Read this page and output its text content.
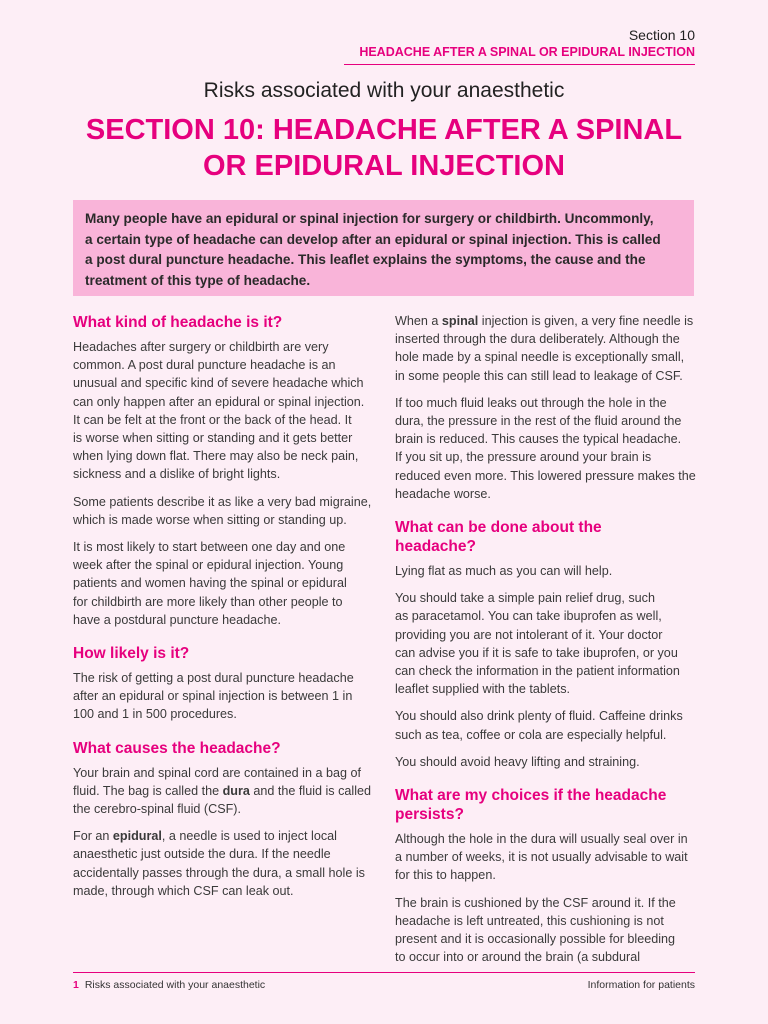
Section 10
HEADACHE AFTER A SPINAL OR EPIDURAL INJECTION
Risks associated with your anaesthetic
SECTION 10: HEADACHE AFTER A SPINAL
OR EPIDURAL INJECTION
Many people have an epidural or spinal injection for surgery or childbirth. Uncommonly,
a certain type of headache can develop after an epidural or spinal injection. This is called
a post dural puncture headache. This leaflet explains the symptoms, the cause and the
treatment of this type of headache.
What kind of headache is it?

Headaches after surgery or childbirth are very
common. A post dural puncture headache is an
unusual and specific kind of severe headache which
can only happen after an epidural or spinal injection.
It can be felt at the front or the back of the head. It
is worse when sitting or standing and it gets better
when lying down flat. There may also be neck pain,
sickness and a dislike of bright lights.

Some patients describe it as like a very bad migraine,
which is made worse when sitting or standing up.

It is most likely to start between one day and one
week after the spinal or epidural injection. Young
patients and women having the spinal or epidural
for childbirth are more likely than other people to
have a postdural puncture headache.

How likely is it?

The risk of getting a post dural puncture headache
after an epidural or spinal injection is between 1 in
100 and 1 in 500 procedures.

What causes the headache?

Your brain and spinal cord are contained in a bag of
fluid. The bag is called the dura and the fluid is called
the cerebro-spinal fluid (CSF).

For an epidural, a needle is used to inject local
anaesthetic just outside the dura. If the needle
accidentally passes through the dura, a small hole is
made, through which CSF can leak out.

When a spinal injection is given, a very fine needle is
inserted through the dura deliberately. Although the
hole made by a spinal needle is exceptionally small,
in some people this can still lead to leakage of CSF.

If too much fluid leaks out through the hole in the
dura, the pressure in the rest of the fluid around the
brain is reduced. This causes the typical headache.
If you sit up, the pressure around your brain is
reduced even more. This lowered pressure makes the
headache worse.

What can be done about the
headache?

Lying flat as much as you can will help.

You should take a simple pain relief drug, such
as paracetamol. You can take ibuprofen as well,
providing you are not intolerant of it. Your doctor
can advise you if it is safe to take ibuprofen, or you
can check the information in the patient information
leaflet supplied with the tablets.

You should also drink plenty of fluid. Caffeine drinks
such as tea, coffee or cola are especially helpful.

You should avoid heavy lifting and straining.

What are my choices if the headache
persists?

Although the hole in the dura will usually seal over in
a number of weeks, it is not usually advisable to wait
for this to happen.

The brain is cushioned by the CSF around it. If the
headache is left untreated, this cushioning is not
present and it is occasionally possible for bleeding
to occur into or around the brain (a subdural

1 Risks associated with your anaesthetic	Information for patients
